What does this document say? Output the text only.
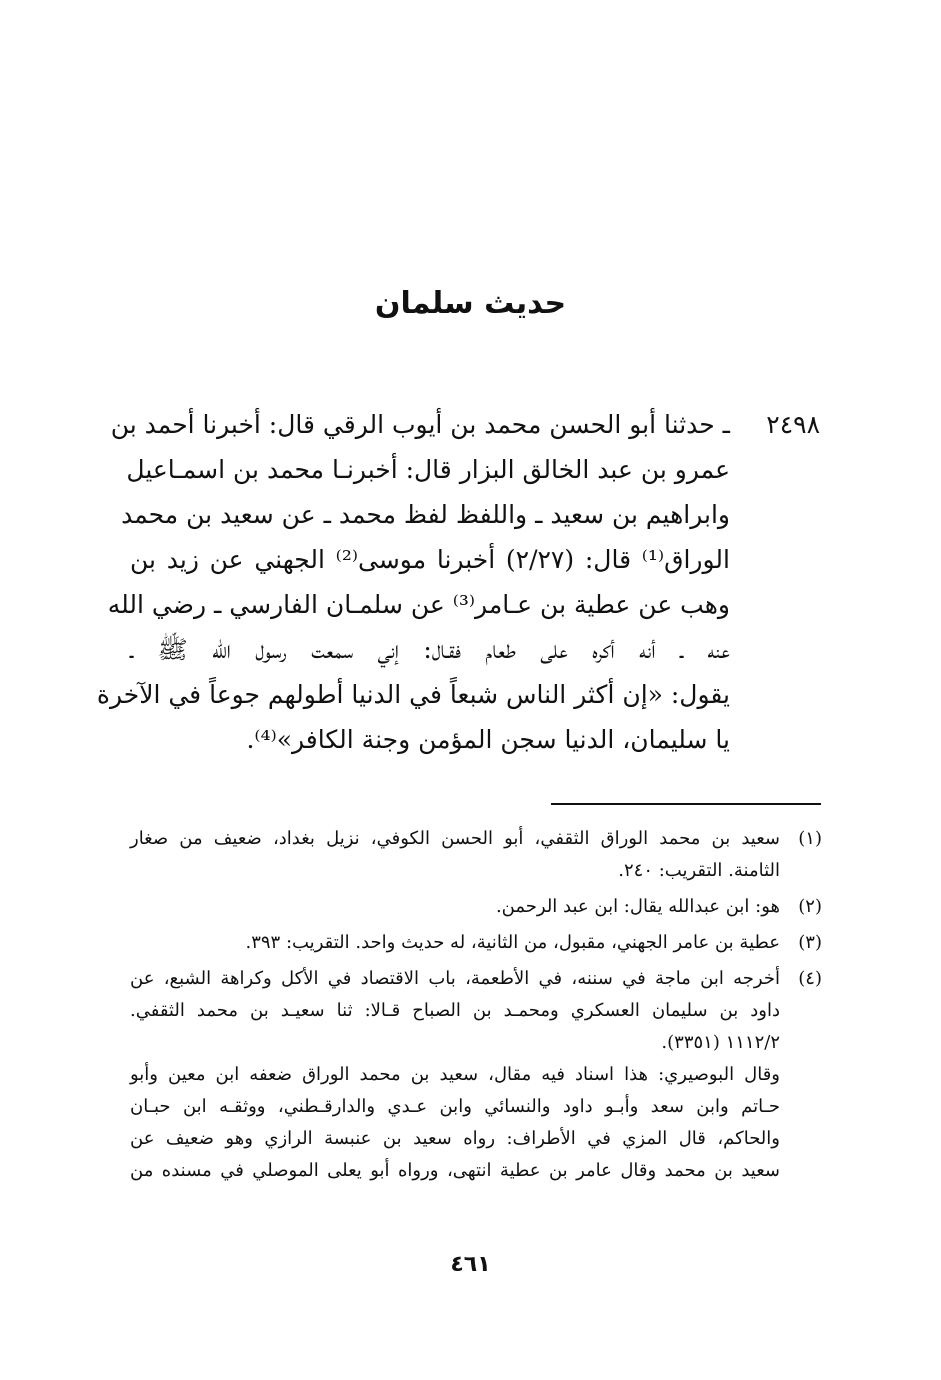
حديث سلمان
٢٤٩٨
ـ حدثنا أبو الحسن محمد بن أيوب الرقي قال: أخبرنا أحمد بن
عمرو بن عبد الخالق البزار قال: أخبرنـا محمد بن اسمـاعيل
وابراهيم بن سعيد ـ واللفظ لفظ محمد ـ عن سعيد بن محمد
الوراق⁽¹⁾ قال: (٢/٢٧) أخبرنا موسى⁽²⁾ الجهني عن زيد بن
وهب عن عطية بن عـامر⁽³⁾ عن سلمـان الفارسي ـ رضي الله
عنه ـ أنه أكره على طعام فقـال: إني سمعت رسول الله ﷺ ـ
يقول: «إن أكثر الناس شبعاً في الدنيا أطولهم جوعاً في الآخرة
يا سليمان، الدنيا سجن المؤمن وجنة الكافر»⁽⁴⁾.
(١)
سعيد بن محمد الوراق الثقفي، أبو الحسن الكوفي، نزيل بغداد، ضعيف من صغار
الثامنة. التقريب: ٢٤٠.
(٢)
هو: ابن عبدالله يقال: ابن عبد الرحمن.
(٣)
عطية بن عامر الجهني، مقبول، من الثانية، له حديث واحد. التقريب: ٣٩٣.
(٤)
أخرجه ابن ماجة في سننه، في الأطعمة، باب الاقتصاد في الأكل وكراهة الشبع، عن
داود بن سليمان العسكري ومحمـد بن الصباح قـالا: ثنا سعيـد بن محمد الثقفي.
١١١٢/٢ (٣٣٥١).
وقال البوصيري: هذا اسناد فيه مقال، سعيد بن محمد الوراق ضعفه ابن معين وأبو
حـاتم وابن سعد وأبـو داود والنسائي وابن عـدي والدارقـطني، ووثقـه ابن حبـان
والحاكم، قال المزي في الأطراف: رواه سعيد بن عنبسة الرازي وهو ضعيف عن
سعيد بن محمد وقال عامر بن عطية انتهى، ورواه أبو يعلى الموصلي في مسنده من
٤٦١
